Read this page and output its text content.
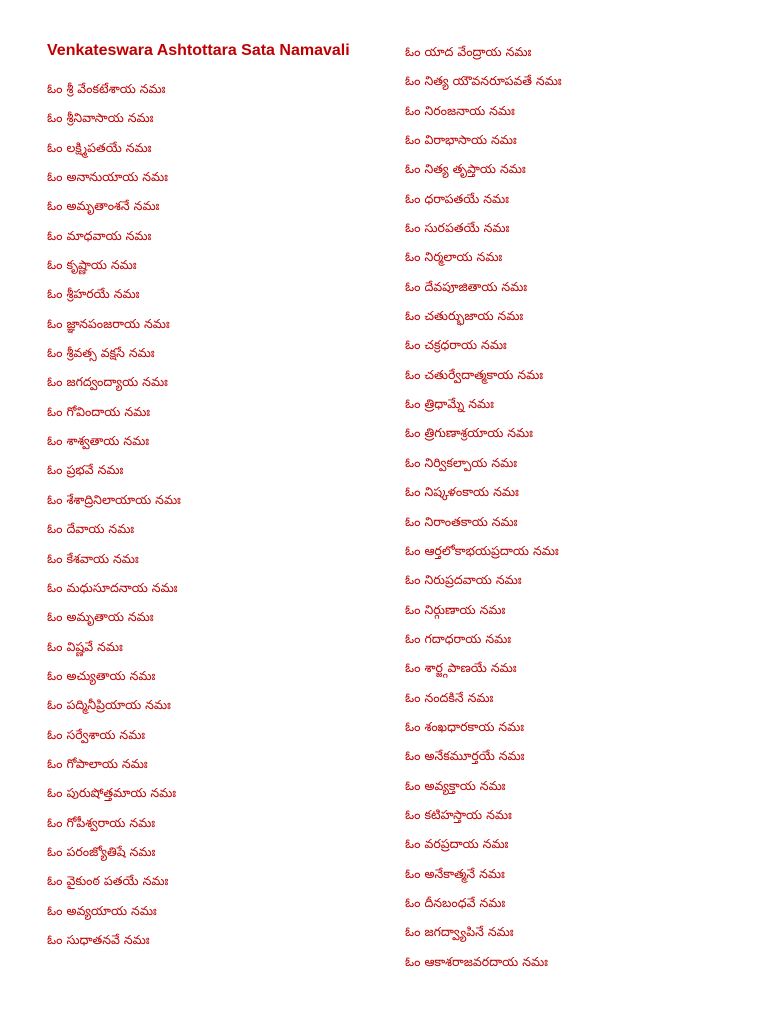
Venkateswara Ashtottara Sata Namavali
ఓం శ్రీ వేంకటేశాయ నమః
ఓం శ్రీనివాసాయ నమః
ఓం లక్ష్మిపతయే నమః
ఓం అనానుయాయ నమః
ఓం అమృతాంశనే నమః
ఓం మాధవాయ నమః
ఓం కృష్ణాయ నమః
ఓం శ్రీహరయే నమః
ఓం జ్ఞానపంజరాయ నమః
ఓం శ్రీవత్స వక్షసే నమః
ఓం జగద్వంద్యాయ నమః
ఓం గోవిందాయ నమః
ఓం శాశ్వతాయ నమః
ఓం ప్రభవే నమః
ఓం శేశాద్రినిలాయాయ నమః
ఓం దేవాయ నమః
ఓం కేశవాయ నమః
ఓం మధుసూదనాయ నమః
ఓం అమృతాయ నమః
ఓం విష్ణవే నమః
ఓం అచ్యుతాయ నమః
ఓం పద్మినీప్రియాయ నమః
ఓం సర్వేశాయ నమః
ఓం గోపాలాయ నమః
ఓం పురుషోత్తమాయ నమః
ఓం గోపీశ్వరాయ నమః
ఓం పరంజ్యోతిషే నమః
ఓం వైకుంఠ పతయే నమః
ఓం అవ్యయాయ నమః
ఓం సుధాతనవే నమః
ఓం యాద వేంద్రాయ నమః
ఓం నిత్య యౌవనరూపవతే నమః
ఓం నిరంజనాయ నమః
ఓం విరాభాసాయ నమః
ఓం నిత్య తృప్తాయ నమః
ఓం ధరాపతయే నమః
ఓం సురపతయే నమః
ఓం నిర్మలాయ నమః
ఓం దేవపూజితాయ నమః
ఓం చతుర్భుజాయ నమః
ఓం చక్రధరాయ నమః
ఓం చతుర్వేదాత్మకాయ నమః
ఓం త్రిధామ్నే నమః
ఓం త్రిగుణాశ్రయాయ నమః
ఓం నిర్వికల్పాయ నమః
ఓం నిష్కళంకాయ నమః
ఓం నిరాంతకాయ నమః
ఓం ఆర్తలోకాభయప్రదాయ నమః
ఓం నిరుప్రదవాయ నమః
ఓం నిర్గుణాయ నమః
ఓం గదాధరాయ నమః
ఓం శార్జ్గపాణయే నమః
ఓం నందకినే నమః
ఓం శంఖధారకాయ నమః
ఓం అనేకమూర్తయే నమః
ఓం అవ్యక్తాయ నమః
ఓం కటిహస్తాయ నమః
ఓం వరప్రదాయ నమః
ఓం అనేకాత్మనే నమః
ఓం దీనబంధవే నమః
ఓం జగద్వ్యాపినే నమః
ఓం ఆకాశరాజవరదాయ నమః
